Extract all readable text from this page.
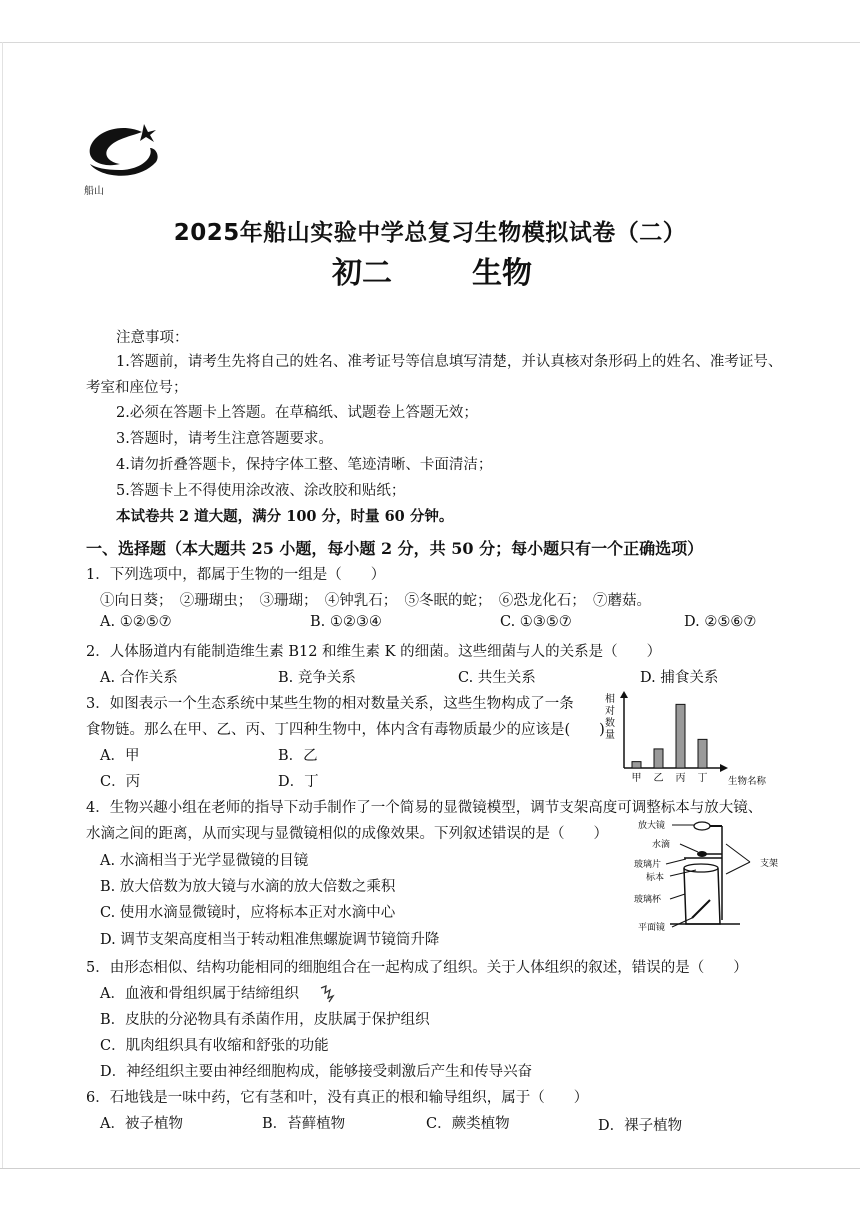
船山
2025年船山实验中学总复习生物模拟试卷（二）
初二	生物
注意事项：
1.答题前，请考生先将自己的姓名、准考证号等信息填写清楚，并认真核对条形码上的姓名、准考证号、
考室和座位号；
2.必须在答题卡上答题。在草稿纸、试题卷上答题无效；
3.答题时，请考生注意答题要求。
4.请勿折叠答题卡，保持字体工整、笔迹清晰、卡面清洁；
5.答题卡上不得使用涂改液、涂改胶和贴纸；
本试卷共 2 道大题，满分 100 分，时量 60 分钟。
一、选择题（本大题共 25 小题，每小题 2 分，共 50 分；每小题只有一个正确选项）
1．下列选项中，都属于生物的一组是（　　）
①向日葵；　②珊瑚虫；　③珊瑚；　④钟乳石；　⑤冬眠的蛇；　⑥恐龙化石；　⑦蘑菇。
A. ①②⑤⑦	B. ①②③④	C. ①③⑤⑦	D. ②⑤⑥⑦
2．人体肠道内有能制造维生素 B12 和维生素 K 的细菌。这些细菌与人的关系是（　　）
A. 合作关系	B. 竞争关系	C. 共生关系	D. 捕食关系
3．如图表示一个生态系统中某些生物的相对数量关系，这些生物构成了一条
食物链。那么在甲、乙、丙、丁四种生物中，体内含有毒物质最少的应该是(　　)
A．甲	B．乙
C．丙	D．丁
相
对
数
量
甲 乙 丙 丁 生物名称
4．生物兴趣小组在老师的指导下动手制作了一个简易的显微镜模型，调节支架高度可调整标本与放大镜、
水滴之间的距离，从而实现与显微镜相似的成像效果。下列叙述错误的是（　　）
A. 水滴相当于光学显微镜的目镜
B. 放大倍数为放大镜与水滴的放大倍数之乘积
C. 使用水滴显微镜时，应将标本正对水滴中心
D. 调节支架高度相当于转动粗准焦螺旋调节镜筒升降
放大镜
水滴
玻璃片
标本
玻璃杯
平面镜
支架
5．由形态相似、结构功能相同的细胞组合在一起构成了组织。关于人体组织的叙述，错误的是（　　）
A．血液和骨组织属于结缔组织
B．皮肤的分泌物具有杀菌作用，皮肤属于保护组织
C．肌肉组织具有收缩和舒张的功能
D．神经组织主要由神经细胞构成，能够接受刺激后产生和传导兴奋
6．石地钱是一味中药，它有茎和叶，没有真正的根和输导组织，属于（　　）
A．被子植物	B．苔藓植物	C．蕨类植物	D．裸子植物
